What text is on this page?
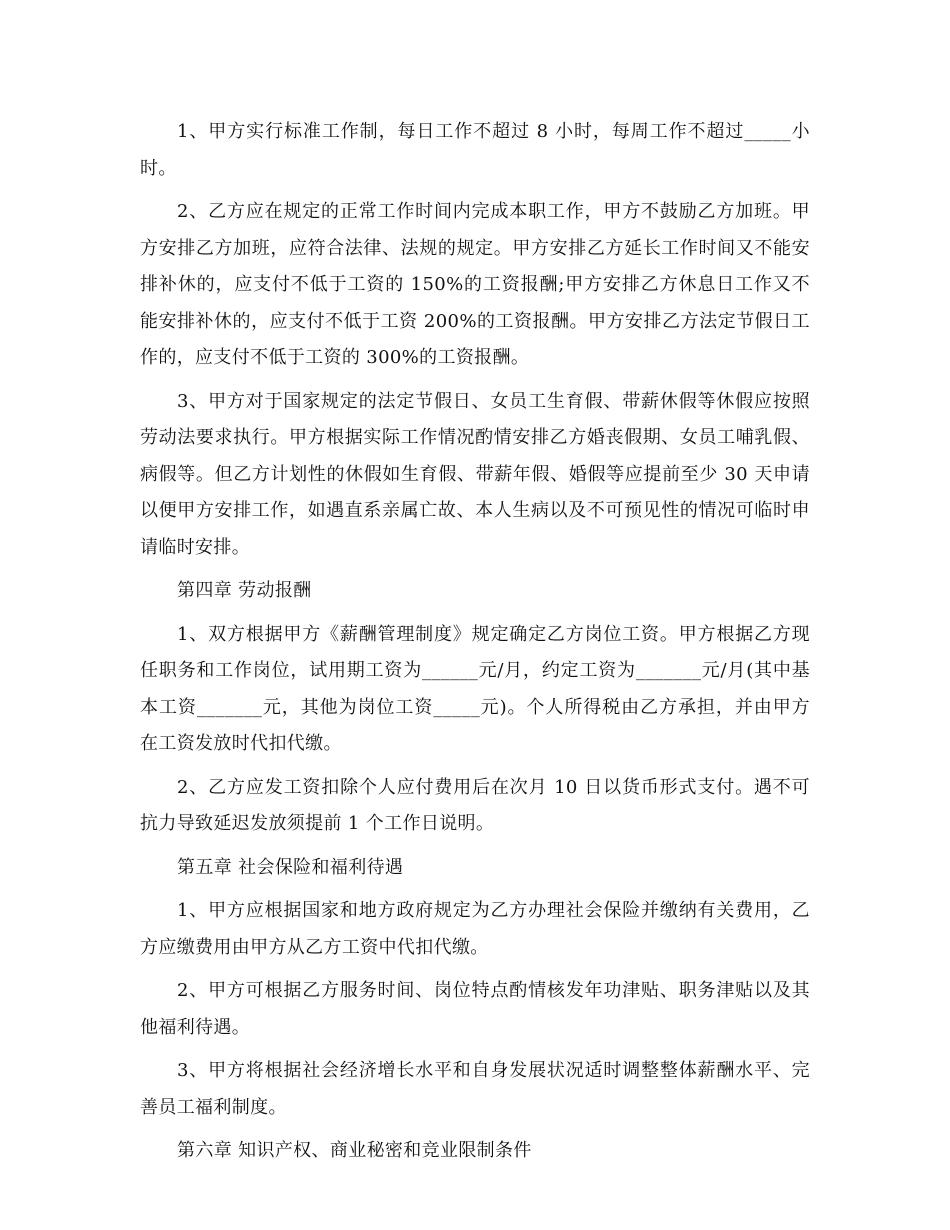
1、甲方实行标准工作制，每日工作不超过 8 小时，每周工作不超过_____小时。

2、乙方应在规定的正常工作时间内完成本职工作，甲方不鼓励乙方加班。甲方安排乙方加班，应符合法律、法规的规定。甲方安排乙方延长工作时间又不能安排补休的，应支付不低于工资的 150%的工资报酬;甲方安排乙方休息日工作又不能安排补休的，应支付不低于工资 200%的工资报酬。甲方安排乙方法定节假日工作的，应支付不低于工资的 300%的工资报酬。

3、甲方对于国家规定的法定节假日、女员工生育假、带薪休假等休假应按照劳动法要求执行。甲方根据实际工作情况酌情安排乙方婚丧假期、女员工哺乳假、病假等。但乙方计划性的休假如生育假、带薪年假、婚假等应提前至少 30 天申请以便甲方安排工作，如遇直系亲属亡故、本人生病以及不可预见性的情况可临时申请临时安排。

第四章 劳动报酬

1、双方根据甲方《薪酬管理制度》规定确定乙方岗位工资。甲方根据乙方现任职务和工作岗位，试用期工资为______元/月，约定工资为_______元/月(其中基本工资_______元，其他为岗位工资_____元)。个人所得税由乙方承担，并由甲方在工资发放时代扣代缴。

2、乙方应发工资扣除个人应付费用后在次月 10 日以货币形式支付。遇不可抗力导致延迟发放须提前 1 个工作日说明。

第五章 社会保险和福利待遇

1、甲方应根据国家和地方政府规定为乙方办理社会保险并缴纳有关费用，乙方应缴费用由甲方从乙方工资中代扣代缴。

2、甲方可根据乙方服务时间、岗位特点酌情核发年功津贴、职务津贴以及其他福利待遇。

3、甲方将根据社会经济增长水平和自身发展状况适时调整整体薪酬水平、完善员工福利制度。

第六章 知识产权、商业秘密和竞业限制条件
